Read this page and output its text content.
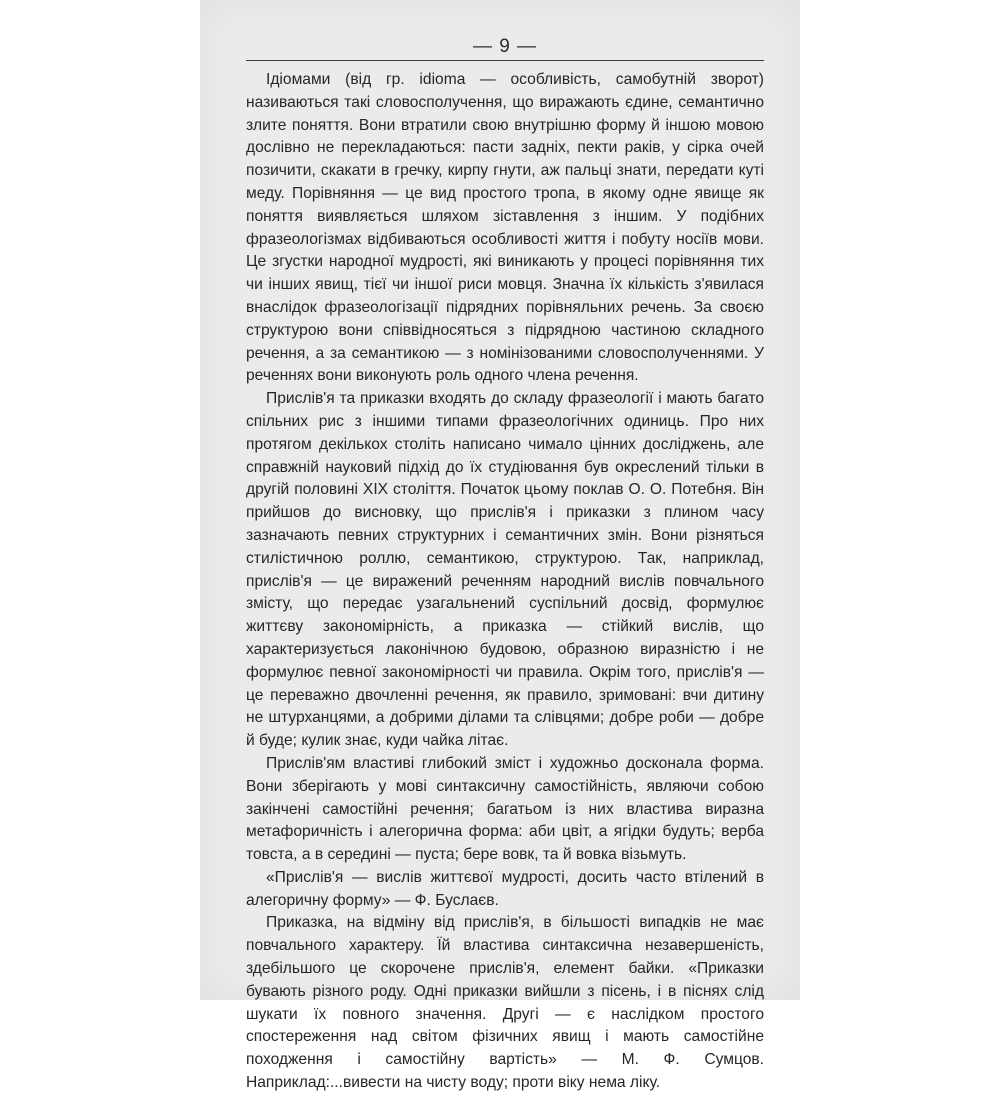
— 9 —

Ідіомами (від гр. idioma — особливість, самобутній зворот) називаються такі словосполучення, що виражають єдине, семантично злите поняття. Вони втратили свою внутрішню форму й іншою мовою дослівно не перекладаються: пасти задніх, пекти раків, у сірка очей позичити, скакати в гречку, кирпу гнути, аж пальці знати, передати куті меду. Порівняння — це вид простого тропа, в якому одне явище як поняття виявляється шляхом зіставлення з іншим. У подібних фразеологізмах відбиваються особливості життя і побуту носіїв мови. Це згустки народної мудрості, які виникають у процесі порівняння тих чи інших явищ, тієї чи іншої риси мовця. Значна їх кількість з'явилася внаслідок фразеологізації підрядних порівняльних речень. За своєю структурою вони співвідносяться з підрядною частиною складного речення, а за семантикою — з номінізованими словосполученнями. У реченнях вони виконують роль одного члена речення.

Прислів'я та приказки входять до складу фразеології і мають багато спільних рис з іншими типами фразеологічних одиниць. Про них протягом декількох століть написано чимало цінних досліджень, але справжній науковий підхід до їх студіювання був окреслений тільки в другій половині XIX століття. Початок цьому поклав О. О. Потебня. Він прийшов до висновку, що прислів'я і приказки з плином часу зазначають певних структурних і семантичних змін. Вони різняться стилістичною роллю, семантикою, структурою. Так, наприклад, прислів'я — це виражений реченням народний вислів повчального змісту, що передає узагальнений суспільний досвід, формулює життєву закономірність, а приказка — стійкий вислів, що характеризується лаконічною будовою, образною виразністю і не формулює певної закономірності чи правила. Окрім того, прислів'я — це переважно двочленні речення, як правило, зримовані: вчи дитину не штурханцями, а добрими ділами та слівцями; добре роби — добре й буде; кулик знає, куди чайка літає.

Прислів'ям властиві глибокий зміст і художньо досконала форма. Вони зберігають у мові синтаксичну самостійність, являючи собою закінчені самостійні речення; багатьом із них властива виразна метафоричність і алегорична форма: аби цвіт, а ягідки будуть; верба товста, а в середині — пуста; бере вовк, та й вовка візьмуть.

«Прислів'я — вислів життєвої мудрості, досить часто втілений в алегоричну форму» — Ф. Буслаєв.

Приказка, на відміну від прислів'я, в більшості випадків не має повчального характеру. Їй властива синтаксична незавершеність, здебільшого це скорочене прислів'я, елемент байки. «Приказки бувають різного роду. Одні приказки вийшли з пісень, і в піснях слід шукати їх повного значення. Другі — є наслідком простого спостереження над світом фізичних явищ і мають самостійне походження і самостійну вартість» — М. Ф. Сумцов. Наприклад:...вивести на чисту воду; проти віку нема ліку.
